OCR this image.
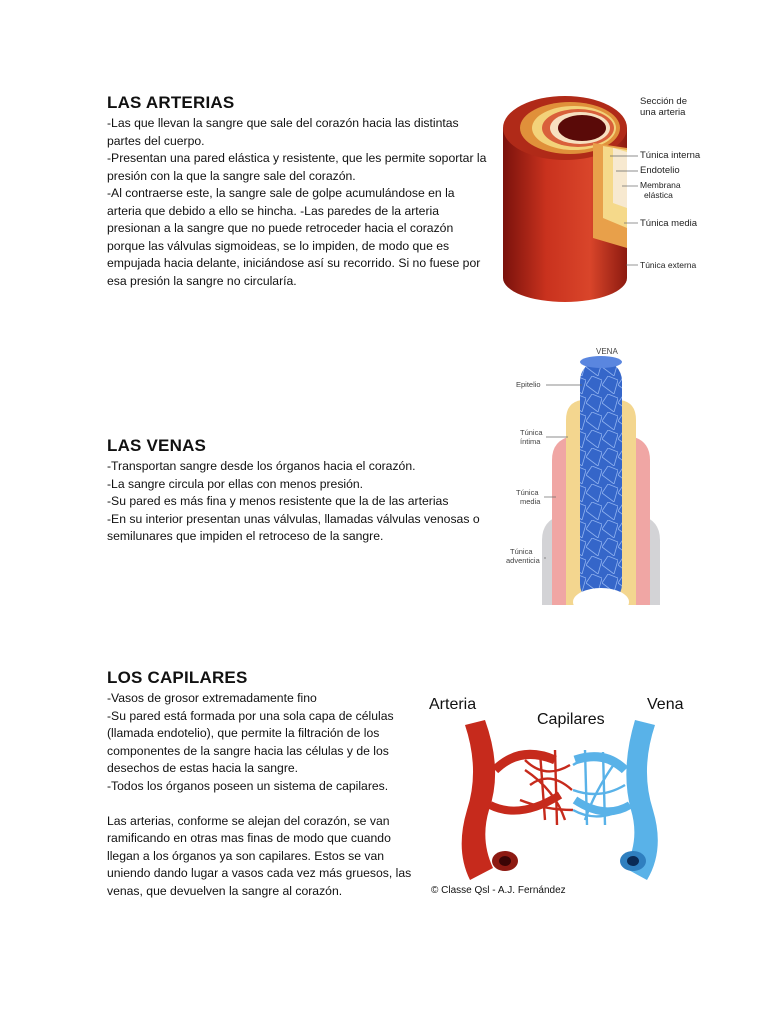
LAS ARTERIAS

-Las que llevan la sangre que sale del corazón hacia las distintas partes del cuerpo.
-Presentan una pared elástica y resistente, que les permite soportar la presión con la que la sangre sale del corazón.
-Al contraerse este, la sangre sale de golpe acumulándose en la arteria que debido a ello se hincha. -Las paredes de la arteria presionan a la sangre que no puede retroceder hacia el corazón porque las válvulas sigmoideas, se lo impiden, de modo que es empujada hacia delante, iniciándose así su recorrido. Si no fuese por esa presión la sangre no circularía.

Sección de
una arteria
Túnica interna
Endotelio
Membrana
elástica
Túnica media
Túnica externa
LAS VENAS

-Transportan sangre desde los órganos hacia el corazón.
-La sangre circula por ellas con menos presión.
-Su pared es más fina y menos resistente que la de las arterias
-En su interior presentan unas válvulas, llamadas válvulas venosas o semilunares que impiden el retroceso de la sangre.

VENA
Epitelio
Túnica
íntima
Túnica
media
Túnica
adventicia
LOS CAPILARES

-Vasos de grosor extremadamente fino
-Su pared está formada por una sola capa de células (llamada endotelio), que permite la filtración de los componentes de la sangre hacia las células y de los desechos de estas hacia la sangre.
-Todos los órganos poseen un sistema de capilares.

Las arterias, conforme se alejan del corazón, se van ramificando en otras mas finas de modo que cuando llegan a los órganos ya son capilares. Estos se van uniendo dando lugar a vasos cada vez más gruesos, las venas, que devuelven la sangre al corazón.

Arteria
Capilares
Vena
© Classe Qsl - A.J. Fernández
